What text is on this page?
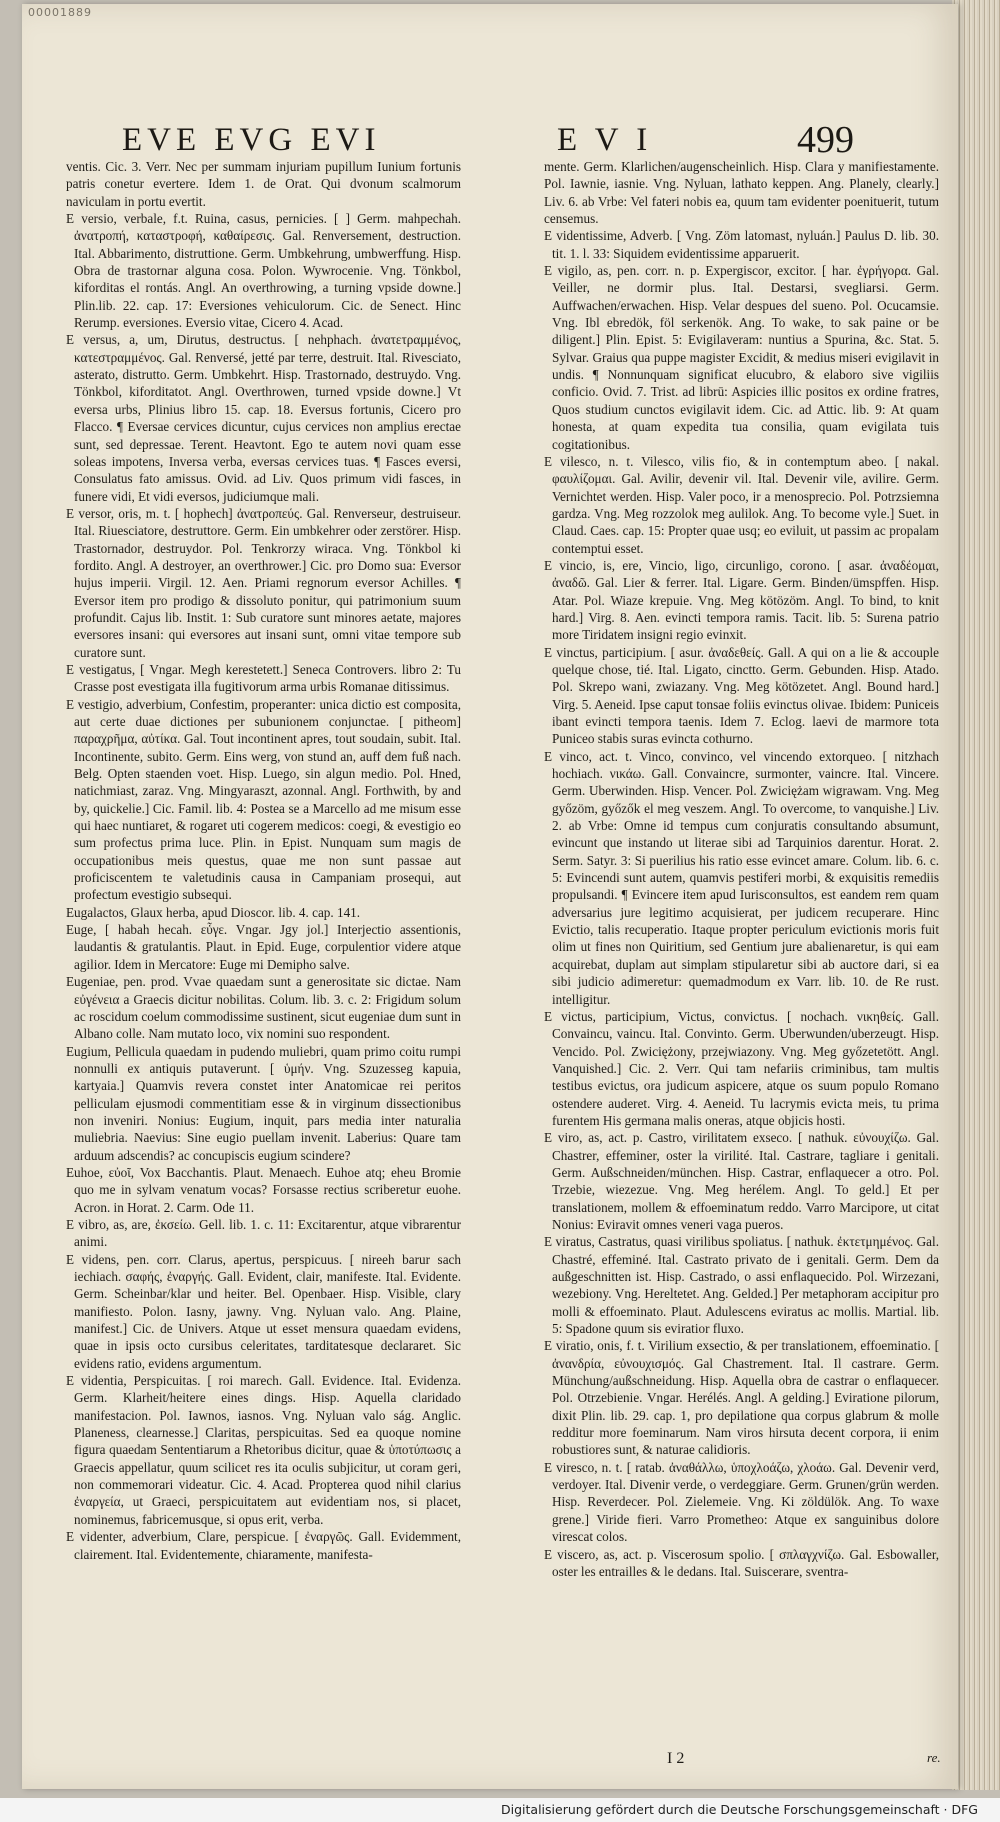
00001889
EVE EVG EVI	E V I	499

ventis. Cic. 3. Verr. Nec per summam injuriam pupillum Iunium fortunis patris conetur evertere. Idem 1. de Orat. Qui dvonum scalmorum naviculam in portu evertit.

E versio, verbale, f.t. Ruina, casus, pernicies. [ ] Germ. mahpechah. ἀνατροπή, καταστροφή, καθαίρεσις. Gal. Renversement, destruction. Ital. Abbarimento, distruttione. Germ. Umbkehrung, umbwerffung. Hisp. Obra de trastornar alguna cosa. Polon. Wywrocenie. Vng. Tönkbol, kiforditas el rontás. Angl. An overthrowing, a turning vpside downe.] Plin.lib. 22. cap. 17: Eversiones vehiculorum. Cic. de Senect. Hinc Rerump. eversiones. Eversio vitae, Cicero 4. Acad.

E versus, a, um, Dirutus, destructus. [ nehphach. ἀνατετραμμένος, κατεστραμμένος. Gal. Renversé, jetté par terre, destruit. Ital. Rivesciato, asterato, distrutto. Germ. Umbkehrt. Hisp. Trastornado, destruydo. Vng. Tönkbol, kiforditatot. Angl. Overthrowen, turned vpside downe.] Vt eversa urbs, Plinius libro 15. cap. 18. Eversus fortunis, Cicero pro Flacco. ¶ Eversae cervices dicuntur, cujus cervices non amplius erectae sunt, sed depressae. Terent. Heavtont. Ego te autem novi quam esse soleas impotens, Inversa verba, eversas cervices tuas. ¶ Fasces eversi, Consulatus fato amissus. Ovid. ad Liv. Quos primum vidi fasces, in funere vidi, Et vidi eversos, judiciumque mali.

E versor, oris, m. t. [ hophech] ἀνατροπεύς. Gal. Renverseur, destruiseur. Ital. Riuesciatore, destruttore. Germ. Ein umbkehrer oder zerstörer. Hisp. Trastornador, destruydor. Pol. Tenkrorzy wiraca. Vng. Tönkbol ki fordito. Angl. A destroyer, an overthrower.] Cic. pro Domo sua: Eversor hujus imperii. Virgil. 12. Aen. Priami regnorum eversor Achilles. ¶ Eversor item pro prodigo & dissoluto ponitur, qui patrimonium suum profundit. Cajus lib. Instit. 1: Sub curatore sunt minores aetate, majores eversores insani: qui eversores aut insani sunt, omni vitae tempore sub curatore sunt.

E vestigatus, [ Vngar. Megh kerestetett.] Seneca Controvers. libro 2: Tu Crasse post evestigata illa fugitivorum arma urbis Romanae ditissimus.

E vestigio, adverbium, Confestim, properanter: unica dictio est composita, aut certe duae dictiones per subunionem conjunctae. [ pitheom] παραχρῆμα, αὐτίκα. Gal. Tout incontinent apres, tout soudain, subit. Ital. Incontinente, subito. Germ. Eins werg, von stund an, auff dem fuß nach. Belg. Opten staenden voet. Hisp. Luego, sin algun medio. Pol. Hned, natichmiast, zaraz. Vng. Mingyaraszt, azonnal. Angl. Forthwith, by and by, quickelie.] Cic. Famil. lib. 4: Postea se a Marcello ad me misum esse qui haec nuntiaret, & rogaret uti cogerem medicos: coegi, & evestigio eo sum profectus prima luce. Plin. in Epist. Nunquam sum magis de occupationibus meis questus, quae me non sunt passae aut proficiscentem te valetudinis causa in Campaniam prosequi, aut profectum evestigio subsequi.

Eugalactos, Glaux herba, apud Dioscor. lib. 4. cap. 141.

Euge, [ habah hecah. εὖγε. Vngar. Jgy jol.] Interjectio assentionis, laudantis & gratulantis. Plaut. in Epid. Euge, corpulentior videre atque agilior. Idem in Mercatore: Euge mi Demipho salve.

Eugeniae, pen. prod. Vvae quaedam sunt a generositate sic dictae. Nam εὐγένεια a Graecis dicitur nobilitas. Colum. lib. 3. c. 2: Frigidum solum ac roscidum coelum commodissime sustinent, sicut eugeniae dum sunt in Albano colle. Nam mutato loco, vix nomini suo respondent.

Eugium, Pellicula quaedam in pudendo muliebri, quam primo coitu rumpi nonnulli ex antiquis putaverunt. [ ὑμήν. Vng. Szuzesseg kapuia, kartyaia.] Quamvis revera constet inter Anatomicae rei peritos pelliculam ejusmodi commentitiam esse & in virginum dissectionibus non inveniri. Nonius: Eugium, inquit, pars media inter naturalia muliebria. Naevius: Sine eugio puellam invenit. Laberius: Quare tam arduum adscendis? ac concupiscis eugium scindere?

Euhoe, εὐοῖ, Vox Bacchantis. Plaut. Menaech. Euhoe atq; eheu Bromie quo me in sylvam venatum vocas? Forsasse rectius scriberetur euohe. Acron. in Horat. 2. Carm. Ode 11.

E vibro, as, are, ἐκσείω. Gell. lib. 1. c. 11: Excitarentur, atque vibrarentur animi.

E videns, pen. corr. Clarus, apertus, perspicuus. [ nireeh barur sach iechiach. σαφής, ἐναργής. Gall. Evident, clair, manifeste. Ital. Evidente. Germ. Scheinbar/klar und heiter. Bel. Openbaer. Hisp. Visible, clary manifiesto. Polon. Iasny, jawny. Vng. Nyluan valo. Ang. Plaine, manifest.] Cic. de Univers. Atque ut esset mensura quaedam evidens, quae in ipsis octo cursibus celeritates, tarditatesque declararet. Sic evidens ratio, evidens argumentum.

E videntia, Perspicuitas. [ roi marech. Gall. Evidence. Ital. Evidenza. Germ. Klarheit/heitere eines dings. Hisp. Aquella claridado manifestacion. Pol. Iawnos, iasnos. Vng. Nyluan valo ság. Anglic. Planeness, clearnesse.] Claritas, perspicuitas. Sed ea quoque nomine figura quaedam Sententiarum a Rhetoribus dicitur, quae & ὑποτύπωσις a Graecis appellatur, quum scilicet res ita oculis subjicitur, ut coram geri, non commemorari videatur. Cic. 4. Acad. Propterea quod nihil clarius ἐναργεία, ut Graeci, perspicuitatem aut evidentiam nos, si placet, nominemus, fabricemusque, si opus erit, verba.

E videnter, adverbium, Clare, perspicue. [ ἐναργῶς. Gall. Evidemment, clairement. Ital. Evidentemente, chiaramente, manifesta-

mente. Germ. Klarlichen/augenscheinlich. Hisp. Clara y manifiestamente. Pol. Iawnie, iasnie. Vng. Nyluan, lathato keppen. Ang. Planely, clearly.] Liv. 6. ab Vrbe: Vel fateri nobis ea, quum tam evidenter poenituerit, tutum censemus.

E videntissime, Adverb. [ Vng. Zöm latomast, nyluán.] Paulus D. lib. 30. tit. 1. l. 33: Siquidem evidentissime apparuerit.

E vigilo, as, pen. corr. n. p. Expergiscor, excitor. [ har. ἐγρήγορα. Gal. Veiller, ne dormir plus. Ital. Destarsi, svegliarsi. Germ. Auffwachen/erwachen. Hisp. Velar despues del sueno. Pol. Ocucamsie. Vng. Ibl ebredök, föl serkenök. Ang. To wake, to sak paine or be diligent.] Plin. Epist. 5: Evigilaveram: nuntius a Spurina, &c. Stat. 5. Sylvar. Graius qua puppe magister Excidit, & medius miseri evigilavit in undis. ¶ Nonnunquam significat elucubro, & elaboro sive vigiliis conficio. Ovid. 7. Trist. ad librū: Aspicies illic positos ex ordine fratres, Quos studium cunctos evigilavit idem. Cic. ad Attic. lib. 9: At quam honesta, at quam expedita tua consilia, quam evigilata tuis cogitationibus.

E vilesco, n. t. Vilesco, vilis fio, & in contemptum abeo. [ nakal. φαυλίζομαι. Gal. Avilir, devenir vil. Ital. Devenir vile, avilire. Germ. Vernichtet werden. Hisp. Valer poco, ir a menosprecio. Pol. Potrzsiemna gardza. Vng. Meg rozzolok meg aulilok. Ang. To become vyle.] Suet. in Claud. Caes. cap. 15: Propter quae usq; eo eviluit, ut passim ac propalam contemptui esset.

E vincio, is, ere, Vincio, ligo, circunligo, corono. [ asar. ἀναδέομαι, ἀναδῶ. Gal. Lier & ferrer. Ital. Ligare. Germ. Binden/ümspffen. Hisp. Atar. Pol. Wiaze krepuie. Vng. Meg kötözöm. Angl. To bind, to knit hard.] Virg. 8. Aen. evincti tempora ramis. Tacit. lib. 5: Surena patrio more Tiridatem insigni regio evinxit.

E vinctus, participium. [ asur. ἀναδεθείς. Gall. A qui on a lie & accouple quelque chose, tié. Ital. Ligato, cinctto. Germ. Gebunden. Hisp. Atado. Pol. Skrepo wani, zwiazany. Vng. Meg kötözetet. Angl. Bound hard.] Virg. 5. Aeneid. Ipse caput tonsae foliis evinctus olivae. Ibidem: Puniceis ibant evincti tempora taenis. Idem 7. Eclog. laevi de marmore tota Puniceo stabis suras evincta cothurno.

E vinco, act. t. Vinco, convinco, vel vincendo extorqueo. [ nitzhach hochiach. νικάω. Gall. Convaincre, surmonter, vaincre. Ital. Vincere. Germ. Uberwinden. Hisp. Vencer. Pol. Zwiciężam wigrawam. Vng. Meg győzöm, győzők el meg veszem. Angl. To overcome, to vanquishe.] Liv. 2. ab Vrbe: Omne id tempus cum conjuratis consultando absumunt, evincunt que instando ut literae sibi ad Tarquinios darentur. Horat. 2. Serm. Satyr. 3: Si puerilius his ratio esse evincet amare. Colum. lib. 6. c. 5: Evincendi sunt autem, quamvis pestiferi morbi, & exquisitis remediis propulsandi. ¶ Evincere item apud Iurisconsultos, est eandem rem quam adversarius jure legitimo acquisierat, per judicem recuperare. Hinc Evictio, talis recuperatio. Itaque propter periculum evictionis moris fuit olim ut fines non Quiritium, sed Gentium jure abalienaretur, is qui eam acquirebat, duplam aut simplam stipularetur sibi ab auctore dari, si ea sibi judicio adimeretur: quemadmodum ex Varr. lib. 10. de Re rust. intelligitur.

E victus, participium, Victus, convictus. [ nochach. νικηθείς. Gall. Convaincu, vaincu. Ital. Convinto. Germ. Uberwunden/uberzeugt. Hisp. Vencido. Pol. Zwiciężony, przejwiazony. Vng. Meg győzetetött. Angl. Vanquished.] Cic. 2. Verr. Qui tam nefariis criminibus, tam multis testibus evictus, ora judicum aspicere, atque os suum populo Romano ostendere auderet. Virg. 4. Aeneid. Tu lacrymis evicta meis, tu prima furentem His germana malis oneras, atque objicis hosti.

E viro, as, act. p. Castro, virilitatem exseco. [ nathuk. εὐνουχίζω. Gal. Chastrer, effeminer, oster la virilité. Ital. Castrare, tagliare i genitali. Germ. Außschneiden/münchen. Hisp. Castrar, enflaquecer a otro. Pol. Trzebie, wiezezue. Vng. Meg herélem. Angl. To geld.] Et per translationem, mollem & effoeminatum reddo. Varro Marcipore, ut citat Nonius: Eviravit omnes veneri vaga pueros.

E viratus, Castratus, quasi virilibus spoliatus. [ nathuk. ἐκτετμημένος. Gal. Chastré, effeminé. Ital. Castrato privato de i genitali. Germ. Dem da außgeschnitten ist. Hisp. Castrado, o assi enflaquecido. Pol. Wirzezani, wezebiony. Vng. Hereltetet. Ang. Gelded.] Per metaphoram accipitur pro molli & effoeminato. Plaut. Adulescens eviratus ac mollis. Martial. lib. 5: Spadone quum sis eviratior fluxo.

E viratio, onis, f. t. Virilium exsectio, & per translationem, effoeminatio. [ ἀνανδρία, εὐνουχισμός. Gal Chastrement. Ital. Il castrare. Germ. Münchung/außschneidung. Hisp. Aquella obra de castrar o enflaquecer. Pol. Otrzebienie. Vngar. Herélés. Angl. A gelding.] Eviratione pilorum, dixit Plin. lib. 29. cap. 1, pro depilatione qua corpus glabrum & molle redditur more foeminarum. Nam viros hirsuta decent corpora, ii enim robustiores sunt, & naturae calidioris.

E viresco, n. t. [ ratab. ἀναθάλλω, ὑποχλοάζω, χλοάω. Gal. Devenir verd, verdoyer. Ital. Divenir verde, o verdeggiare. Germ. Grunen/grün werden. Hisp. Reverdecer. Pol. Zielemeie. Vng. Ki zöldülök. Ang. To waxe grene.] Viride fieri. Varro Prometheo: Atque ex sanguinibus dolore virescat colos.

E viscero, as, act. p. Viscerosum spolio. [ σπλαγχνίζω. Gal. Esbowaller, oster les entrailles & le dedans. Ital. Suiscerare, sventra-

I 2	re.
Digitalisierung gefördert durch die Deutsche Forschungsgemeinschaft · DFG
